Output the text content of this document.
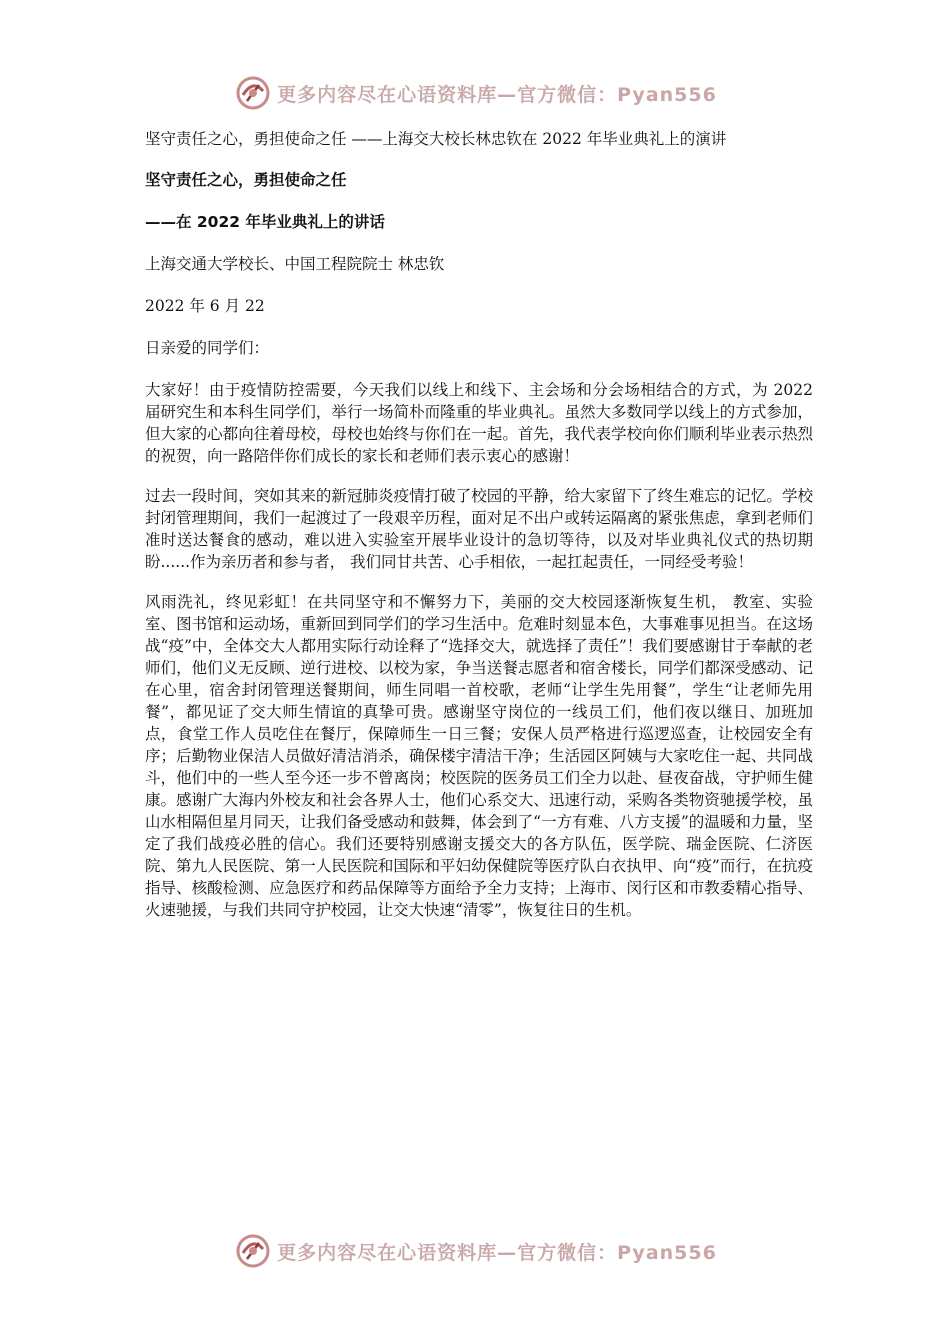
更多内容尽在心语资料库—官方微信：Pyan556
坚守责任之心，勇担使命之任 ——上海交大校长林忠钦在 2022 年毕业典礼上的演讲
坚守责任之心，勇担使命之任
——在 2022 年毕业典礼上的讲话
上海交通大学校长、中国工程院院士 林忠钦
2022 年 6 月 22
日亲爱的同学们：

大家好！由于疫情防控需要，今天我们以线上和线下、主会场和分会场相结合的方式，为 2022 届研究生和本科生同学们，举行一场简朴而隆重的毕业典礼。虽然大多数同学以线上的方式参加，但大家的心都向往着母校，母校也始终与你们在一起。首先，我代表学校向你们顺利毕业表示热烈的祝贺，向一路陪伴你们成长的家长和老师们表示衷心的感谢！

过去一段时间，突如其来的新冠肺炎疫情打破了校园的平静，给大家留下了终生难忘的记忆。学校封闭管理期间，我们一起渡过了一段艰辛历程，面对足不出户或转运隔离的紧张焦虑，拿到老师们准时送达餐食的感动，难以进入实验室开展毕业设计的急切等待，以及对毕业典礼仪式的热切期盼......作为亲历者和参与者， 我们同甘共苦、心手相依，一起扛起责任，一同经受考验！

风雨洗礼，终见彩虹！在共同坚守和不懈努力下，美丽的交大校园逐渐恢复生机， 教室、实验室、图书馆和运动场，重新回到同学们的学习生活中。危难时刻显本色，大事难事见担当。在这场战“疫”中，全体交大人都用实际行动诠释了“选择交大，就选择了责任”！我们要感谢甘于奉献的老师们，他们义无反顾、逆行进校、以校为家，争当送餐志愿者和宿舍楼长，同学们都深受感动、记在心里，宿舍封闭管理送餐期间，师生同唱一首校歌，老师“让学生先用餐”，学生“让老师先用餐”，都见证了交大师生情谊的真挚可贵。感谢坚守岗位的一线员工们，他们夜以继日、加班加点，食堂工作人员吃住在餐厅，保障师生一日三餐；安保人员严格进行巡逻巡查，让校园安全有序；后勤物业保洁人员做好清洁消杀，确保楼宇清洁干净；生活园区阿姨与大家吃住一起、共同战斗，他们中的一些人至今还一步不曾离岗；校医院的医务员工们全力以赴、昼夜奋战，守护师生健康。感谢广大海内外校友和社会各界人士，他们心系交大、迅速行动，采购各类物资驰援学校，虽山水相隔但星月同天，让我们备受感动和鼓舞，体会到了“一方有难、八方支援”的温暖和力量，坚定了我们战疫必胜的信心。我们还要特别感谢支援交大的各方队伍，医学院、瑞金医院、仁济医院、第九人民医院、第一人民医院和国际和平妇幼保健院等医疗队白衣执甲、向“疫”而行，在抗疫指导、核酸检测、应急医疗和药品保障等方面给予全力支持；上海市、闵行区和市教委精心指导、火速驰援，与我们共同守护校园，让交大快速“清零”，恢复往日的生机。

更多内容尽在心语资料库—官方微信：Pyan556
